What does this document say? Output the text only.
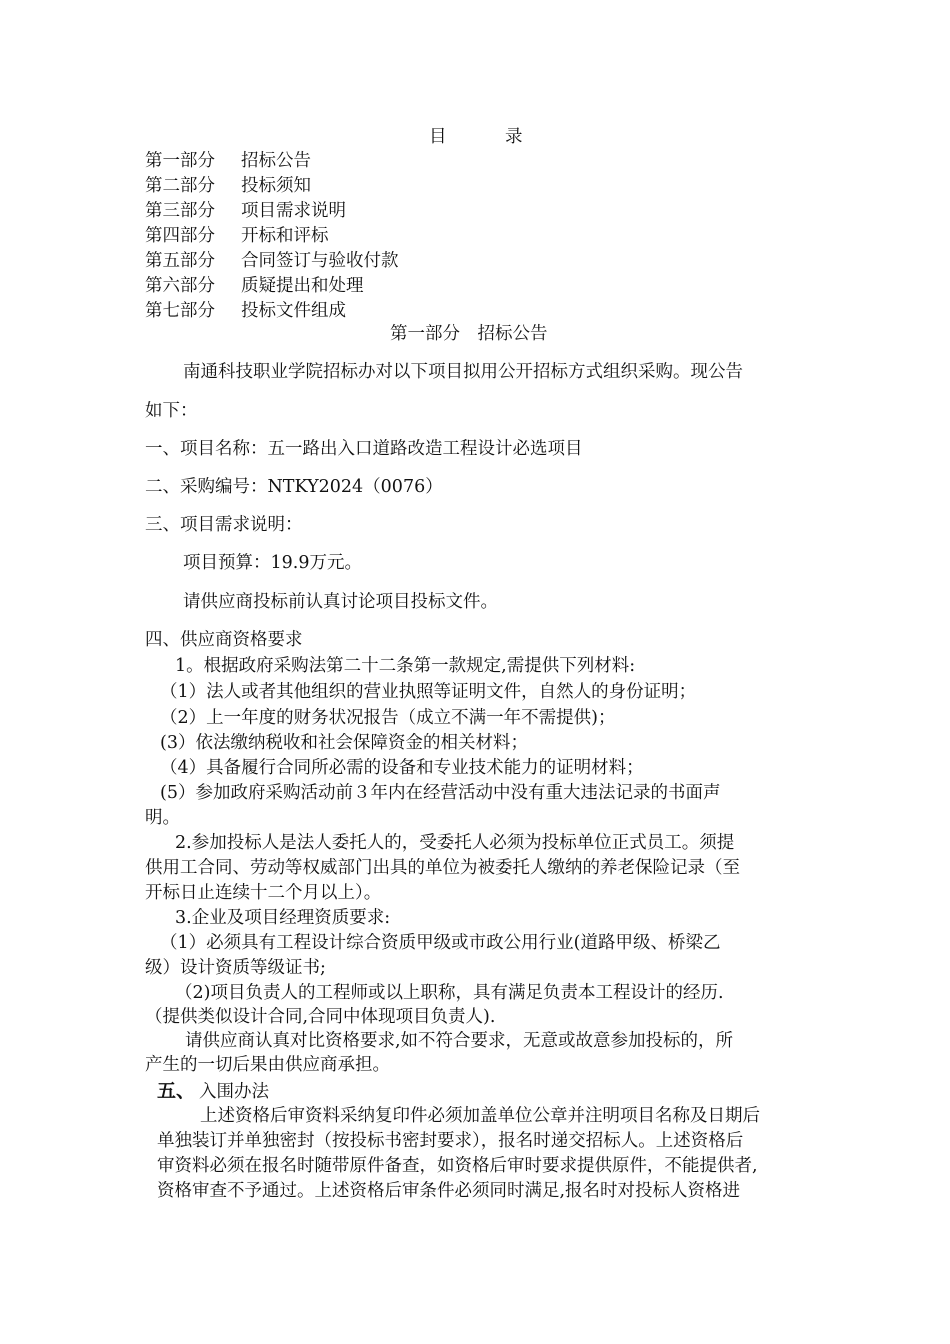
目	录
第一部分 招标公告
第二部分 投标须知
第三部分 项目需求说明
第四部分 开标和评标
第五部分 合同签订与验收付款
第六部分 质疑提出和处理
第七部分 投标文件组成
第一部分　招标公告
南通科技职业学院招标办对以下项目拟用公开招标方式组织采购。现公告
如下：
一、项目名称：五一路出入口道路改造工程设计必选项目
二、采购编号：NTKY2024（0076）
三、项目需求说明：
项目预算：19.9万元。
请供应商投标前认真讨论项目投标文件。
四、供应商资格要求
1。根据政府采购法第二十二条第一款规定,需提供下列材料:
（1）法人或者其他组织的营业执照等证明文件，自然人的身份证明；
（2）上一年度的财务状况报告（成立不满一年不需提供)；
(3）依法缴纳税收和社会保障资金的相关材料；
（4）具备履行合同所必需的设备和专业技术能力的证明材料；
(5）参加政府采购活动前３年内在经营活动中没有重大违法记录的书面声
明。
2.参加投标人是法人委托人的，受委托人必须为投标单位正式员工。须提
供用工合同、劳动等权威部门出具的单位为被委托人缴纳的养老保险记录（至
开标日止连续十二个月以上）。
3.企业及项目经理资质要求:
（1）必须具有工程设计综合资质甲级或市政公用行业(道路甲级、桥梁乙
级）设计资质等级证书;
（2)项目负责人的工程师或以上职称，具有满足负责本工程设计的经历.
（提供类似设计合同,合同中体现项目负责人).
请供应商认真对比资格要求,如不符合要求，无意或故意参加投标的，所
产生的一切后果由供应商承担。
五、 入围办法
上述资格后审资料采纳复印件必须加盖单位公章并注明项目名称及日期后
单独装订并单独密封（按投标书密封要求），报名时递交招标人。上述资格后
审资料必须在报名时随带原件备查，如资格后审时要求提供原件，不能提供者,
资格审查不予通过。上述资格后审条件必须同时满足,报名时对投标人资格进
